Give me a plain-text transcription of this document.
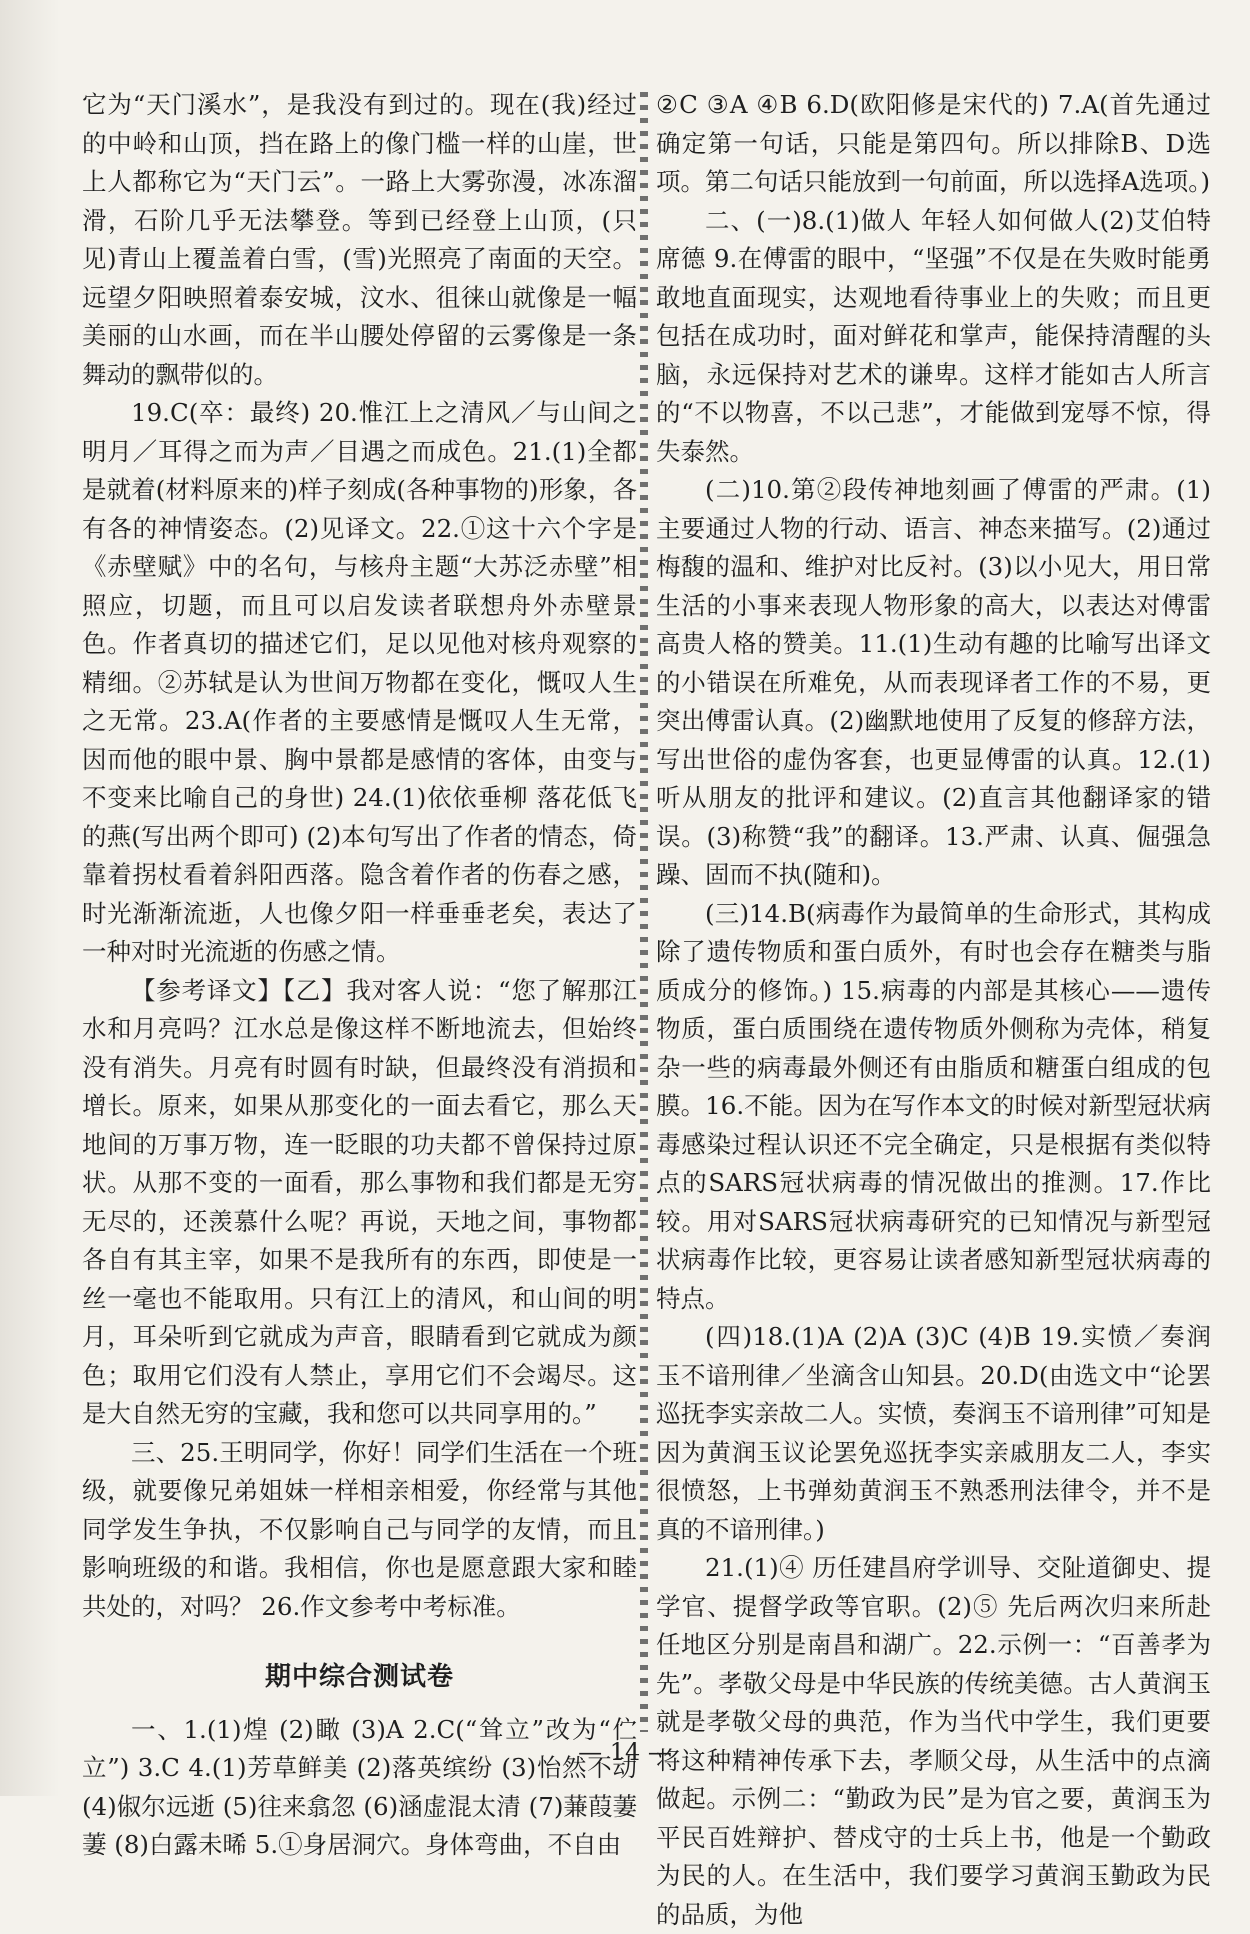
它为“天门溪水”，是我没有到过的。现在(我)经过的中岭和山顶，挡在路上的像门槛一样的山崖，世上人都称它为“天门云”。一路上大雾弥漫，冰冻溜滑，石阶几乎无法攀登。等到已经登上山顶，(只见)青山上覆盖着白雪，(雪)光照亮了南面的天空。远望夕阳映照着泰安城，汶水、徂徕山就像是一幅美丽的山水画，而在半山腰处停留的云雾像是一条舞动的飘带似的。

19.C(卒：最终) 20.惟江上之清风／与山间之明月／耳得之而为声／目遇之而成色。21.(1)全都是就着(材料原来的)样子刻成(各种事物的)形象，各有各的神情姿态。(2)见译文。22.①这十六个字是《赤壁赋》中的名句，与核舟主题“大苏泛赤壁”相照应，切题，而且可以启发读者联想舟外赤壁景色。作者真切的描述它们，足以见他对核舟观察的精细。②苏轼是认为世间万物都在变化，慨叹人生之无常。23.A(作者的主要感情是慨叹人生无常，因而他的眼中景、胸中景都是感情的客体，由变与不变来比喻自己的身世) 24.(1)依依垂柳 落花低飞的燕(写出两个即可) (2)本句写出了作者的情态，倚靠着拐杖看着斜阳西落。隐含着作者的伤春之感，时光渐渐流逝，人也像夕阳一样垂垂老矣，表达了一种对时光流逝的伤感之情。

【参考译文】【乙】我对客人说：“您了解那江水和月亮吗？江水总是像这样不断地流去，但始终没有消失。月亮有时圆有时缺，但最终没有消损和增长。原来，如果从那变化的一面去看它，那么天地间的万事万物，连一眨眼的功夫都不曾保持过原状。从那不变的一面看，那么事物和我们都是无穷无尽的，还羡慕什么呢？再说，天地之间，事物都各自有其主宰，如果不是我所有的东西，即使是一丝一毫也不能取用。只有江上的清风，和山间的明月，耳朵听到它就成为声音，眼睛看到它就成为颜色；取用它们没有人禁止，享用它们不会竭尽。这是大自然无穷的宝藏，我和您可以共同享用的。”

三、25.王明同学，你好！同学们生活在一个班级，就要像兄弟姐妹一样相亲相爱，你经常与其他同学发生争执，不仅影响自己与同学的友情，而且影响班级的和谐。我相信，你也是愿意跟大家和睦共处的，对吗？ 26.作文参考中考标准。

期中综合测试卷

一、1.(1)煌 (2)瞰 (3)A 2.C(“耸立”改为“伫立”) 3.C 4.(1)芳草鲜美 (2)落英缤纷 (3)怡然不动 (4)俶尔远逝 (5)往来翕忽 (6)涵虚混太清 (7)蒹葭萋萋 (8)白露未晞 5.①身居洞穴。身体弯曲，不自由

②C ③A ④B 6.D(欧阳修是宋代的) 7.A(首先通过确定第一句话，只能是第四句。所以排除B、D选项。第二句话只能放到一句前面，所以选择A选项。)

二、(一)8.(1)做人 年轻人如何做人(2)艾伯特 席德 9.在傅雷的眼中，“坚强”不仅是在失败时能勇敢地直面现实，达观地看待事业上的失败；而且更包括在成功时，面对鲜花和掌声，能保持清醒的头脑，永远保持对艺术的谦卑。这样才能如古人所言的“不以物喜，不以己悲”，才能做到宠辱不惊，得失泰然。

(二)10.第②段传神地刻画了傅雷的严肃。(1)主要通过人物的行动、语言、神态来描写。(2)通过梅馥的温和、维护对比反衬。(3)以小见大，用日常生活的小事来表现人物形象的高大，以表达对傅雷高贵人格的赞美。11.(1)生动有趣的比喻写出译文的小错误在所难免，从而表现译者工作的不易，更突出傅雷认真。(2)幽默地使用了反复的修辞方法，写出世俗的虚伪客套，也更显傅雷的认真。12.(1)听从朋友的批评和建议。(2)直言其他翻译家的错误。(3)称赞“我”的翻译。13.严肃、认真、倔强急躁、固而不执(随和)。

(三)14.B(病毒作为最简单的生命形式，其构成除了遗传物质和蛋白质外，有时也会存在糖类与脂质成分的修饰。) 15.病毒的内部是其核心——遗传物质，蛋白质围绕在遗传物质外侧称为壳体，稍复杂一些的病毒最外侧还有由脂质和糖蛋白组成的包膜。16.不能。因为在写作本文的时候对新型冠状病毒感染过程认识还不完全确定，只是根据有类似特点的SARS冠状病毒的情况做出的推测。17.作比较。用对SARS冠状病毒研究的已知情况与新型冠状病毒作比较，更容易让读者感知新型冠状病毒的特点。

(四)18.(1)A (2)A (3)C (4)B 19.实愤／奏润玉不谙刑律／坐滴含山知县。20.D(由选文中“论罢巡抚李实亲故二人。实愤，奏润玉不谙刑律”可知是因为黄润玉议论罢免巡抚李实亲戚朋友二人，李实很愤怒，上书弹劾黄润玉不熟悉刑法律令，并不是真的不谙刑律。)

21.(1)④ 历任建昌府学训导、交阯道御史、提学官、提督学政等官职。(2)⑤ 先后两次归来所赴任地区分别是南昌和湖广。22.示例一：“百善孝为先”。孝敬父母是中华民族的传统美德。古人黄润玉就是孝敬父母的典范，作为当代中学生，我们更要将这种精神传承下去，孝顺父母，从生活中的点滴做起。示例二：“勤政为民”是为官之要，黄润玉为平民百姓辩护、替戍守的士兵上书，他是一个勤政为民的人。在生活中，我们要学习黄润玉勤政为民的品质，为他

— 14 —
